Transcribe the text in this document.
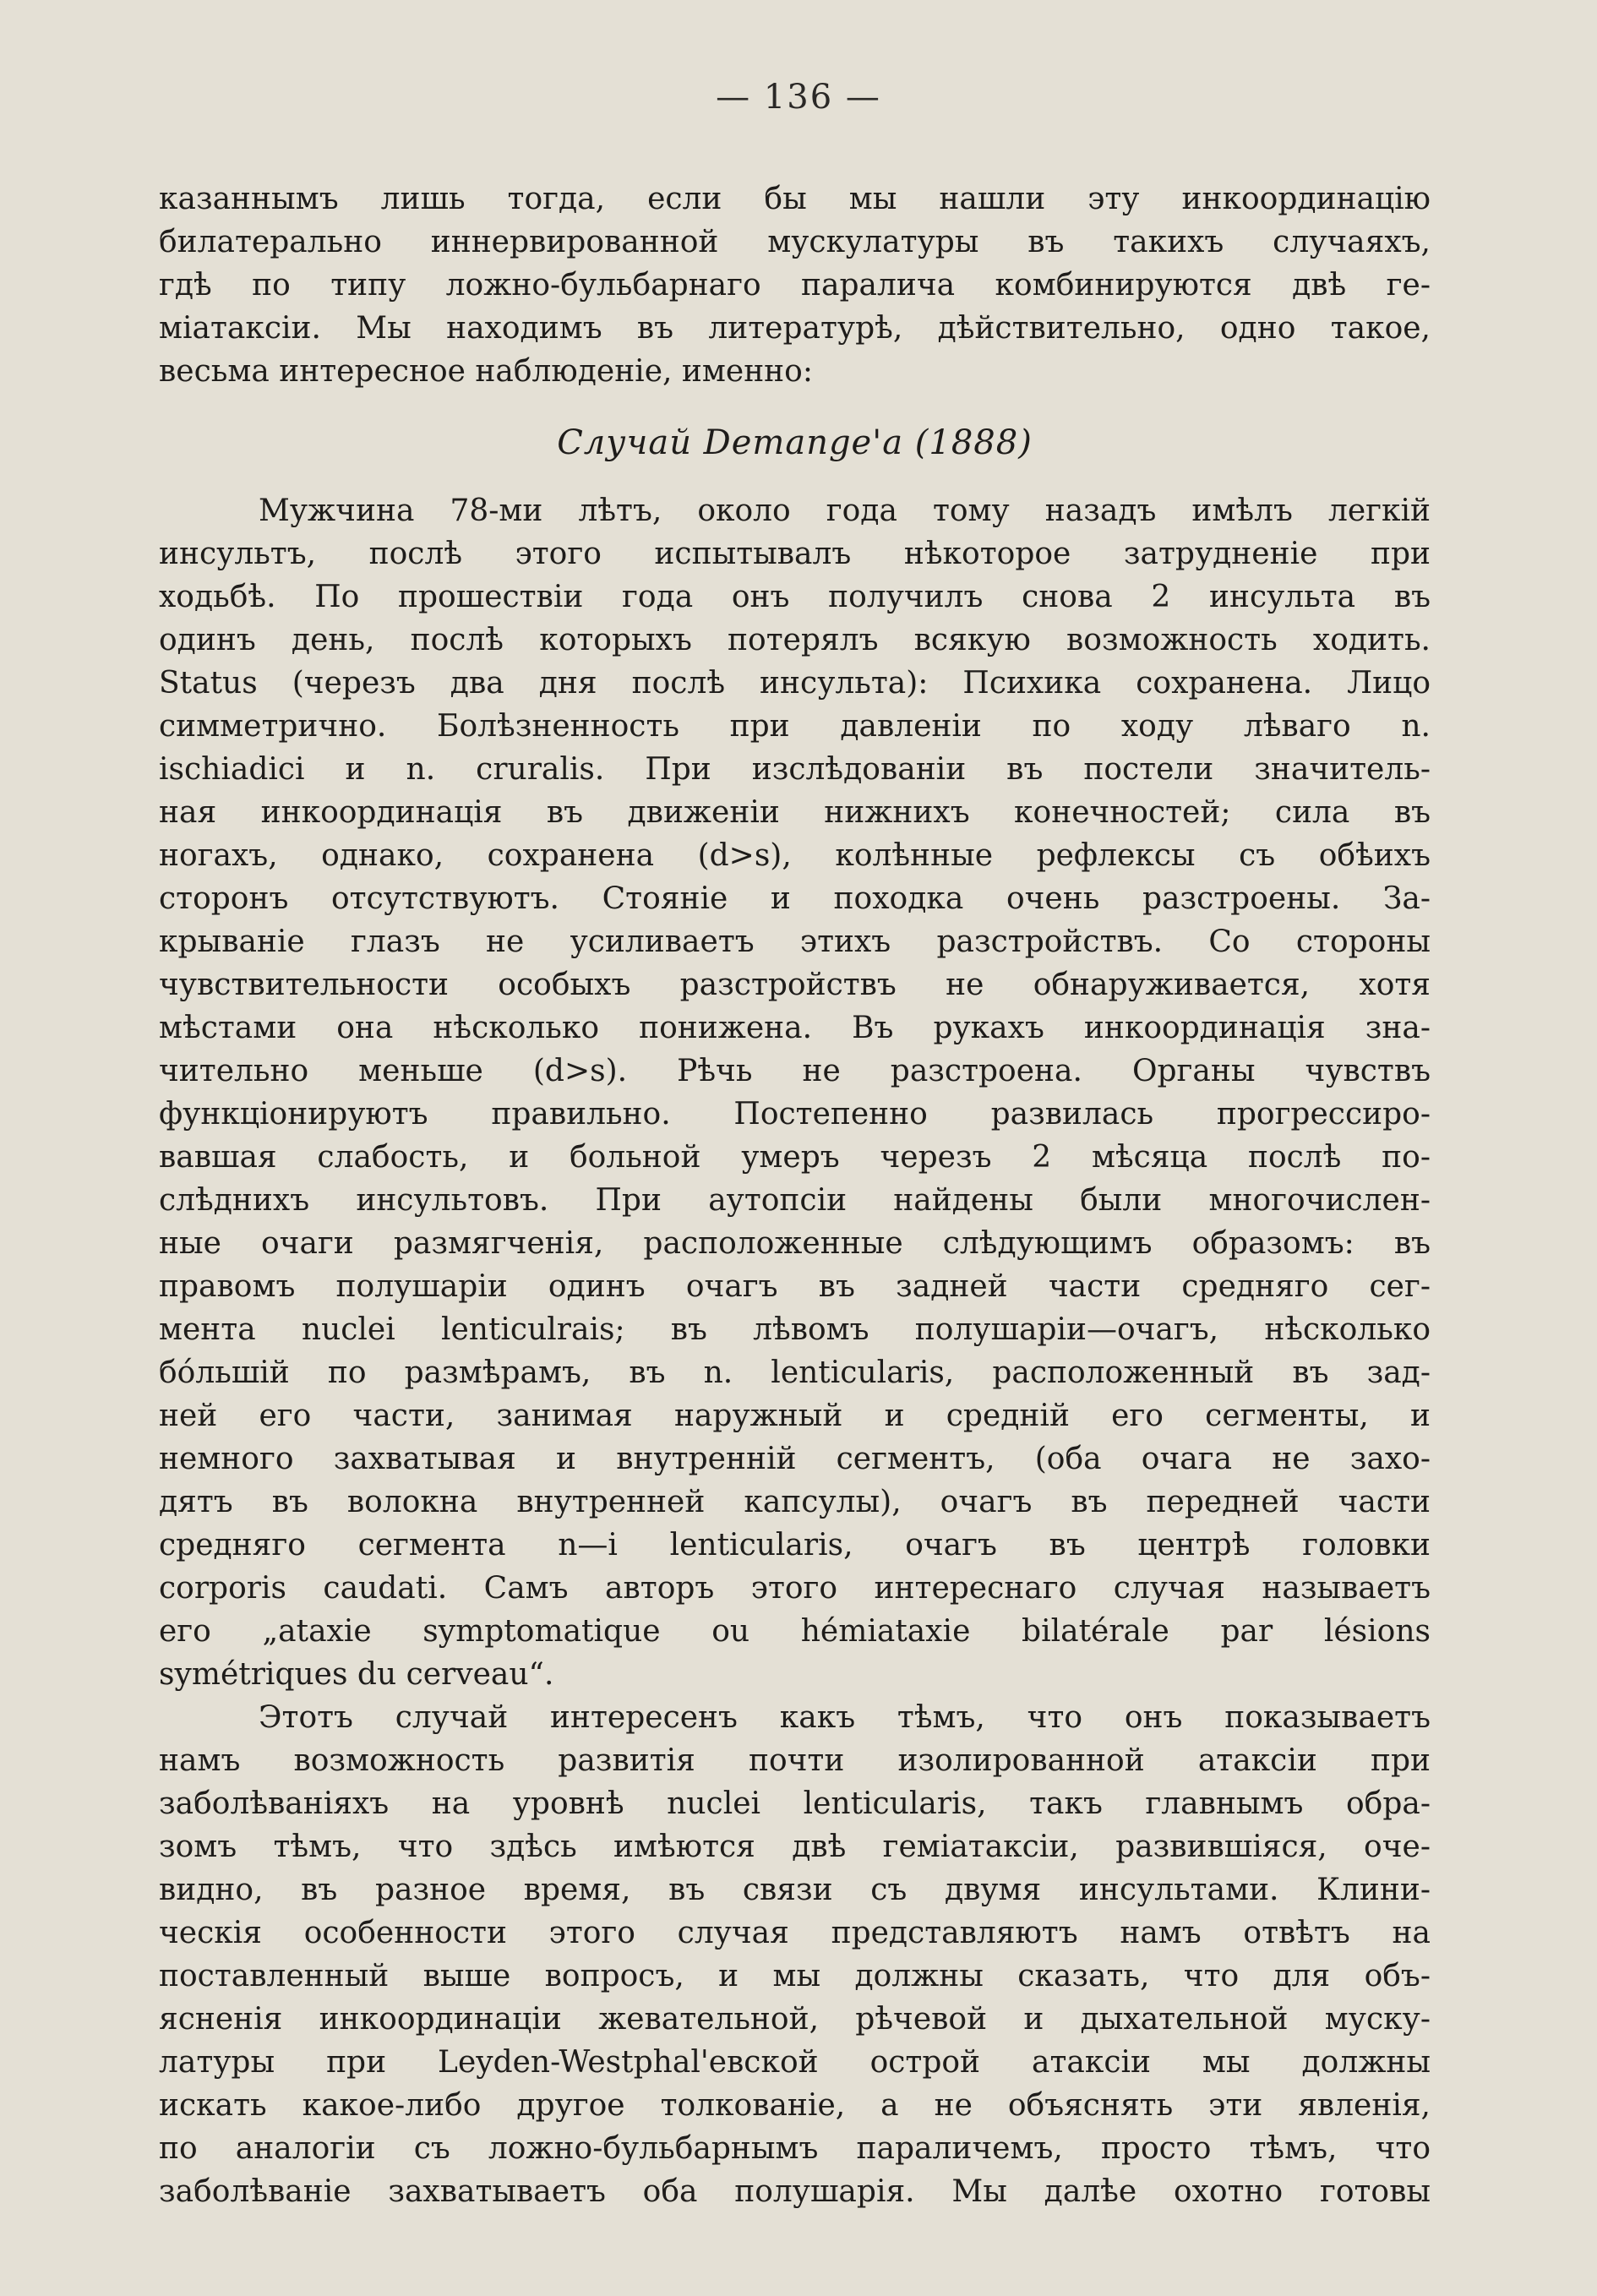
— 136 —
казаннымъ лишь тогда, если бы мы нашли эту инкоординацію
билатерально иннервированной мускулатуры въ такихъ случаяхъ,
гдѣ по типу ложно-бульбарнаго паралича комбинируются двѣ ге-
міатаксіи. Мы находимъ въ литературѣ, дѣйствительно, одно такое,
весьма интересное наблюденіе, именно:
Случай Demange'а (1888)
Мужчина 78-ми лѣтъ, около года тому назадъ имѣлъ легкій
инсультъ, послѣ этого испытывалъ нѣкоторое затрудненіе при
ходьбѣ. По прошествіи года онъ получилъ снова 2 инсульта въ
одинъ день, послѣ которыхъ потерялъ всякую возможность ходить.
Status (черезъ два дня послѣ инсульта): Психика сохранена. Лицо
симметрично. Болѣзненность при давленіи по ходу лѣваго n.
ischiadici и n. cruralis. При изслѣдованіи въ постели значитель-
ная инкоординація въ движеніи нижнихъ конечностей; сила въ
ногахъ, однако, сохранена (d>s), колѣнные рефлексы съ обѣихъ
сторонъ отсутствуютъ. Стояніе и походка очень разстроены. За-
крываніе глазъ не усиливаетъ этихъ разстройствъ. Со стороны
чувствительности особыхъ разстройствъ не обнаруживается, хотя
мѣстами она нѣсколько понижена. Въ рукахъ инкоординація зна-
чительно меньше (d>s). Рѣчь не разстроена. Органы чувствъ
функціонируютъ правильно. Постепенно развилась прогрессиро-
вавшая слабость, и больной умеръ черезъ 2 мѣсяца послѣ по-
слѣднихъ инсультовъ. При аутопсіи найдены были многочислен-
ные очаги размягченія, расположенные слѣдующимъ образомъ: въ
правомъ полушаріи одинъ очагъ въ задней части средняго сег-
мента nuclei lenticulrais; въ лѣвомъ полушаріи—очагъ, нѣсколько
бо́льшій по размѣрамъ, въ n. lenticularis, расположенный въ зад-
ней его части, занимая наружный и средній его сегменты, и
немного захватывая и внутренній сегментъ, (оба очага не захо-
дятъ въ волокна внутренней капсулы), очагъ въ передней части
средняго сегмента n—i lenticularis, очагъ въ центрѣ головки
corporis caudati. Самъ авторъ этого интереснаго случая называетъ
его „ataxie symptomatique ou hémiataxie bilatérale par lésions
symétriques du cerveau“.
Этотъ случай интересенъ какъ тѣмъ, что онъ показываетъ
намъ возможность развитія почти изолированной атаксіи при
заболѣваніяхъ на уровнѣ nuclei lenticularis, такъ главнымъ обра-
зомъ тѣмъ, что здѣсь имѣются двѣ геміатаксіи, развившіяся, оче-
видно, въ разное время, въ связи съ двумя инсультами. Клини-
ческія особенности этого случая представляютъ намъ отвѣтъ на
поставленный выше вопросъ, и мы должны сказать, что для объ-
ясненія инкоординаціи жевательной, рѣчевой и дыхательной муску-
латуры при Leyden-Westphal'евской острой атаксіи мы должны
искать какое-либо другое толкованіе, а не объяснять эти явленія,
по аналогіи съ ложно-бульбарнымъ параличемъ, просто тѣмъ, что
заболѣваніе захватываетъ оба полушарія. Мы далѣе охотно готовы
